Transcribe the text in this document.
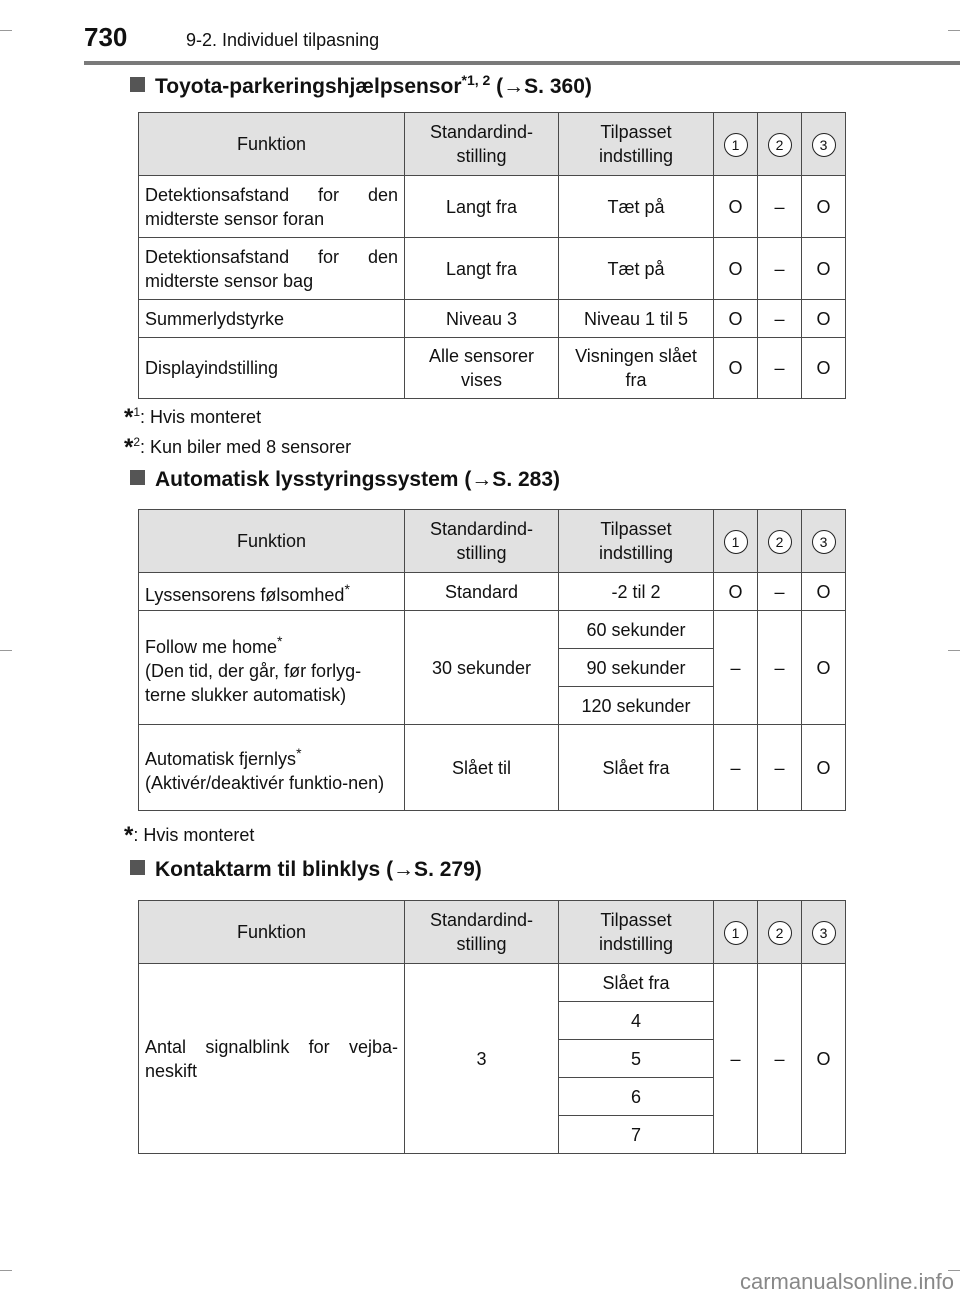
730	9-2. Individuel tilpasning
Toyota-parkeringshjælpsensor$^{*1, 2}$ (→S. 360)
Funktion	Standardind-stilling	Tilpasset indstilling	1	2	3
Detektionsafstand for den midterste sensor foran	Langt fra	Tæt på	O	–	O
Detektionsafstand for den midterste sensor bag	Langt fra	Tæt på	O	–	O
Summerlydstyrke	Niveau 3	Niveau 1 til 5	O	–	O
Displayindstilling	Alle sensorer vises	Visningen slået fra	O	–	O
*$^1$: Hvis monteret
*$^2$: Kun biler med 8 sensorer
Automatisk lysstyringssystem (→S. 283)
Funktion	Standardind-stilling	Tilpasset indstilling	1	2	3
Lyssensorens følsomhed*	Standard	-2 til 2	O	–	O
Follow me home*
(Den tid, der går, før forlyg-terne slukker automatisk)	30 sekunder	60 sekunder	–	–	O
		90 sekunder			
		120 sekunder			
Automatisk fjernlys*
(Aktivér/deaktivér funktio-nen)	Slået til	Slået fra	–	–	O
*: Hvis monteret
Kontaktarm til blinklys (→S. 279)
Funktion	Standardind-stilling	Tilpasset indstilling	1	2	3
Antal signalblink for vejba-neskift	3	Slået fra	–	–	O
		4			
		5			
		6			
		7			
carmanualsonline.info
